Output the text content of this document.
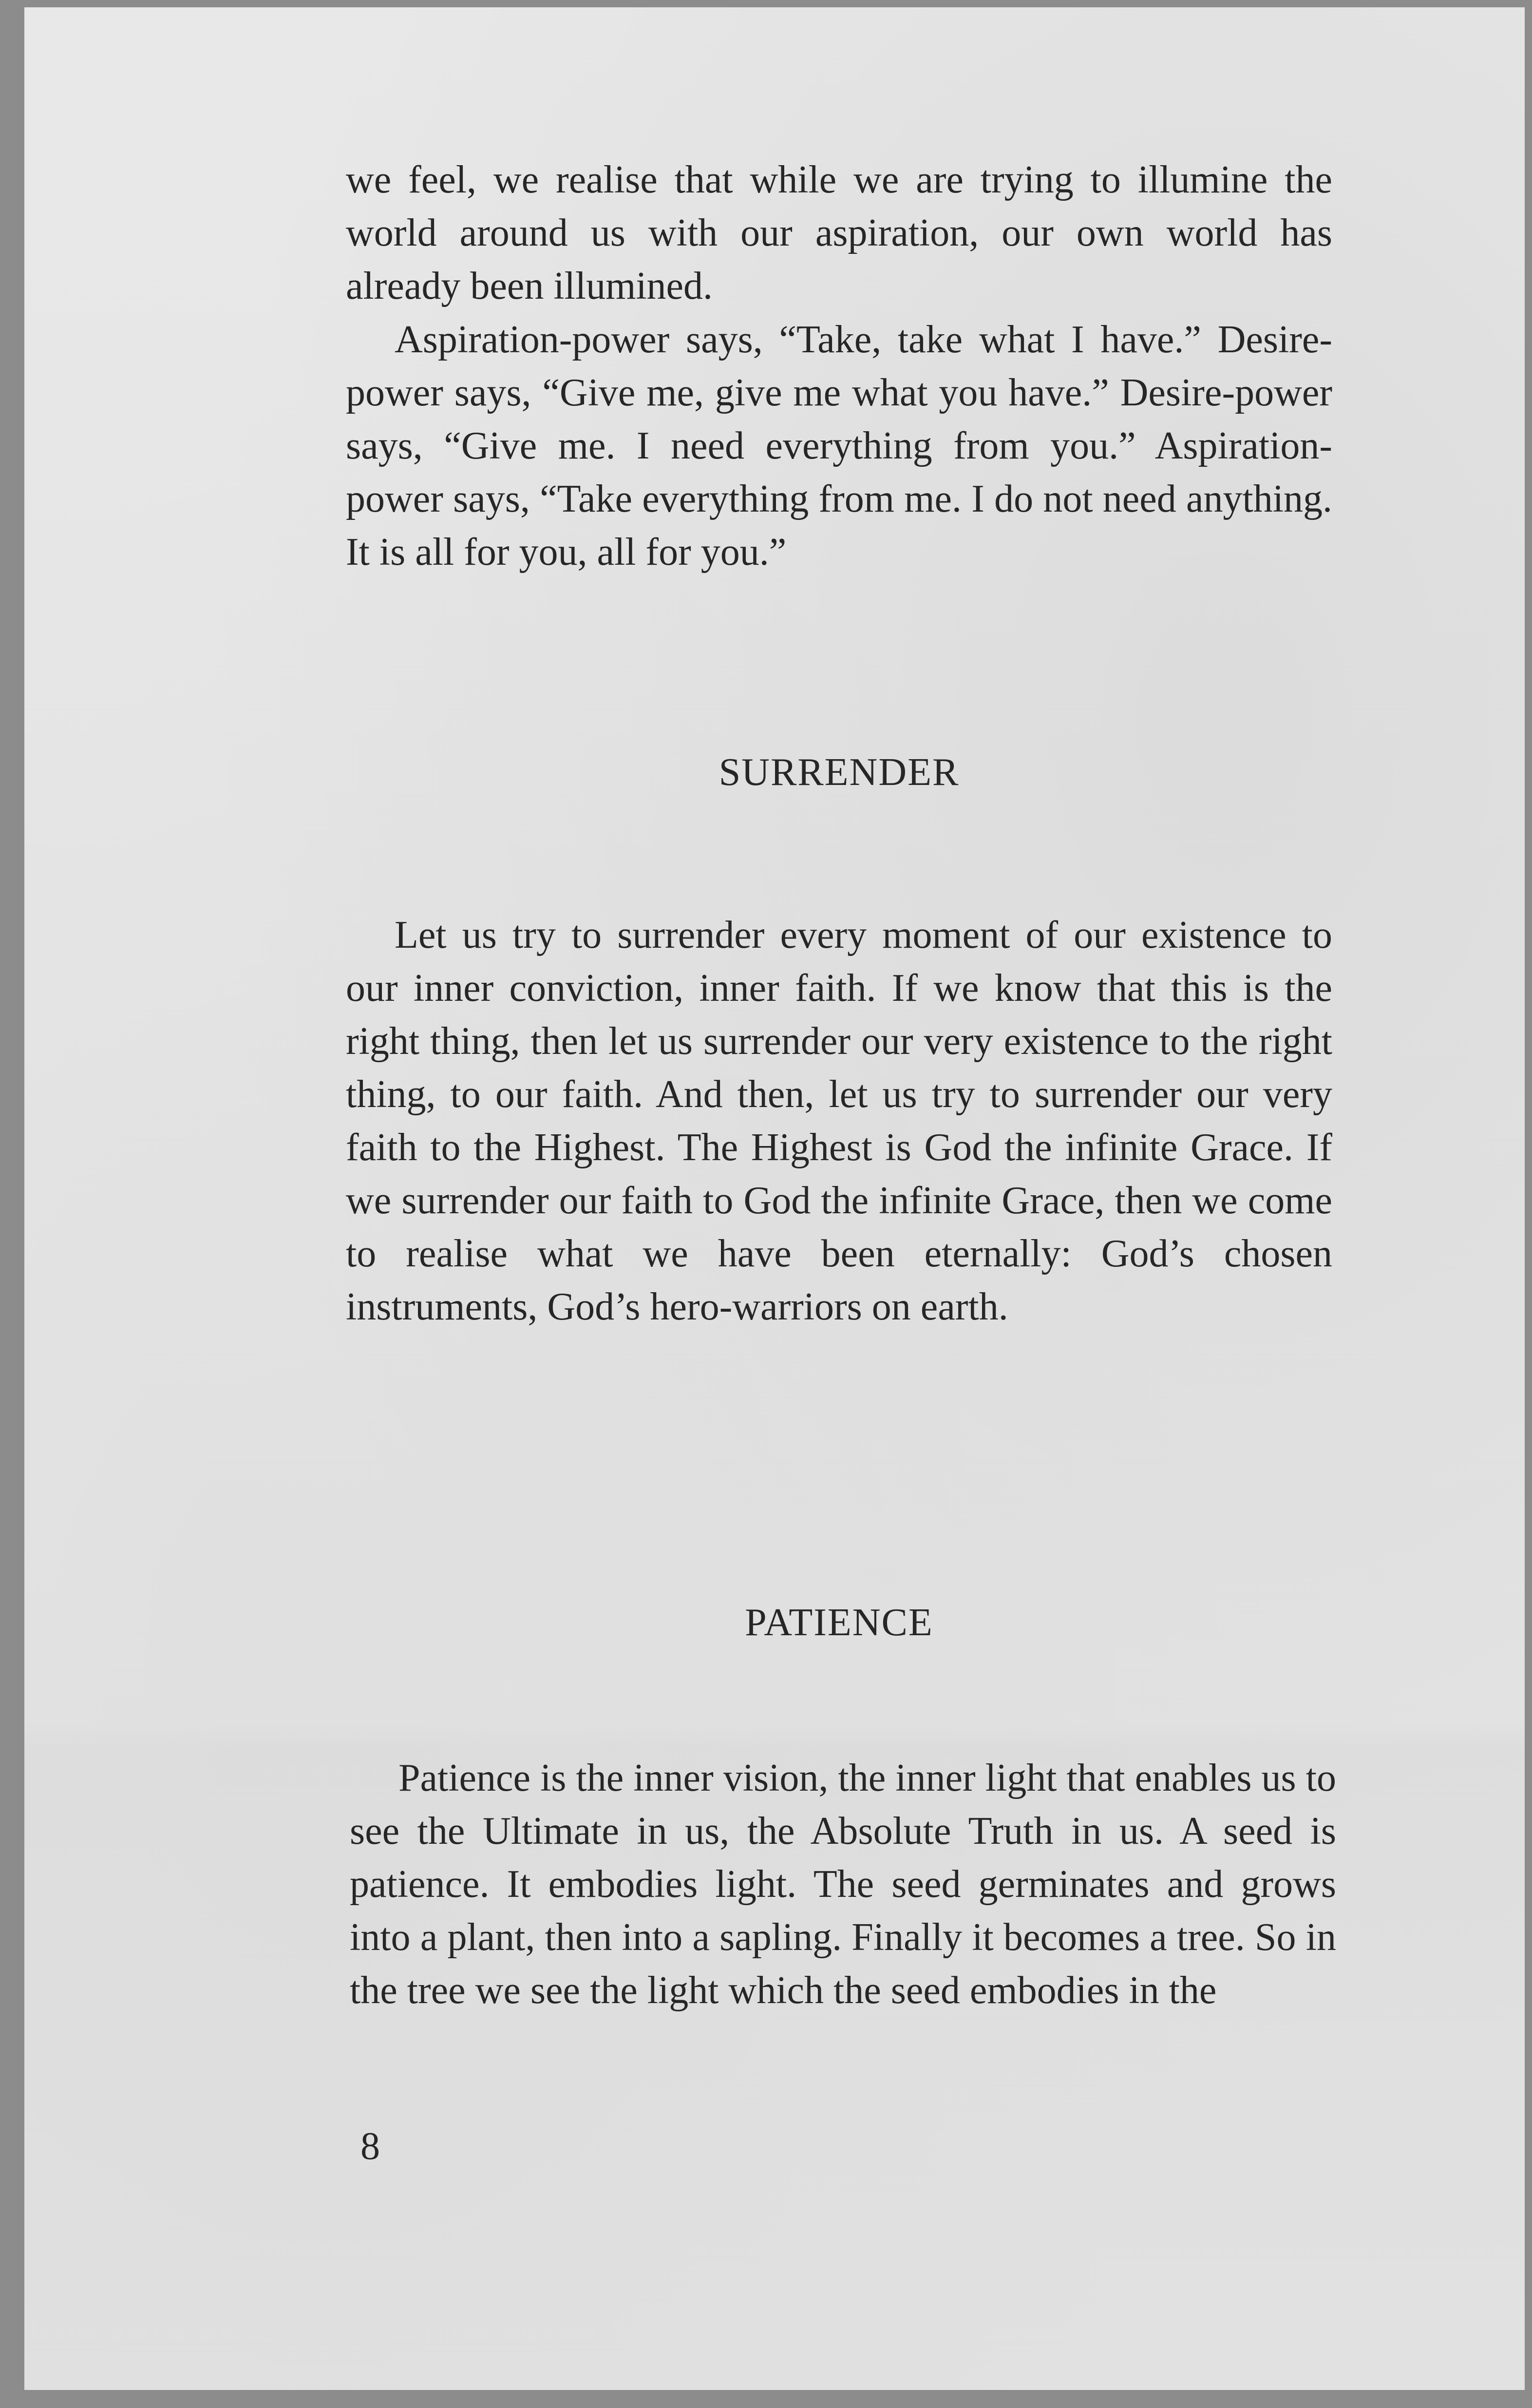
we feel, we realise that while we are trying to illumine the world around us with our aspiration, our own world has already been illumined.

Aspiration-power says, “Take, take what I have.” Desire-power says, “Give me, give me what you have.” Desire-power says, “Give me. I need everything from you.” Aspiration-power says, “Take everything from me. I do not need anything. It is all for you, all for you.”

SURRENDER

Let us try to surrender every moment of our existence to our inner conviction, inner faith. If we know that this is the right thing, then let us surrender our very existence to the right thing, to our faith. And then, let us try to surrender our very faith to the Highest. The Highest is God the infinite Grace. If we surrender our faith to God the infinite Grace, then we come to realise what we have been eternally: God’s chosen instruments, God’s hero-warriors on earth.

PATIENCE

Patience is the inner vision, the inner light that enables us to see the Ultimate in us, the Absolute Truth in us. A seed is patience. It embodies light. The seed germinates and grows into a plant, then into a sapling. Finally it becomes a tree. So in the tree we see the light which the seed embodies in the

8
